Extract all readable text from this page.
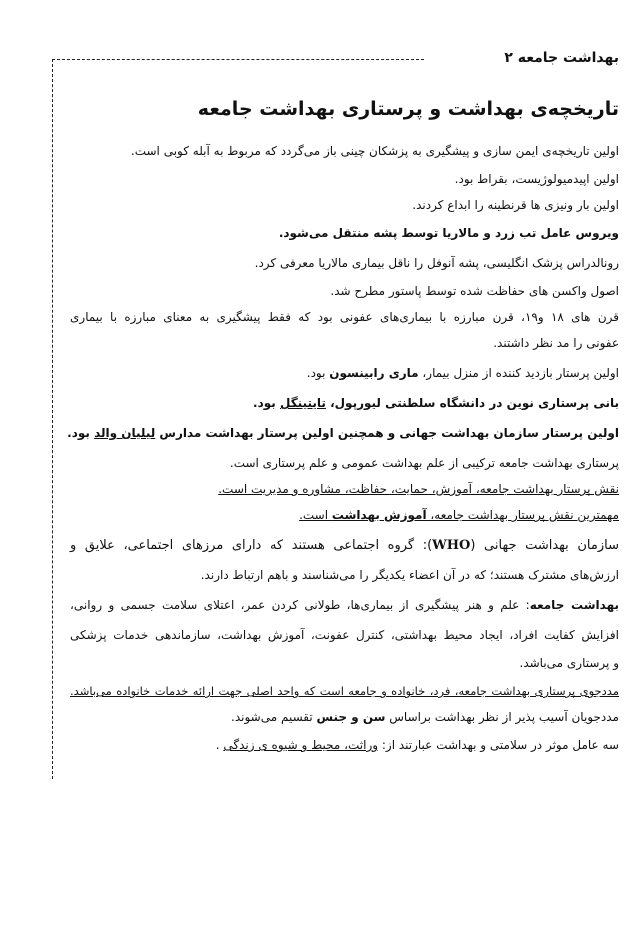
بهداشت جامعه ۲
تاریخچه‌ی بهداشت و پرستاری بهداشت جامعه
اولین تاریخچه‌ی ایمن سازی و پیشگیری به پزشکان چینی باز می‌گردد که مربوط به آبله کوبی است.
اولین اپیدمیولوژیست، بقراط بود.
اولین بار ونیزی ها قرنطینه را ابداع کردند.
ویروس عامل تب زرد و مالاریا توسط پشه منتقل می‌شود.
رونالدراس پزشک انگلیسی، پشه آنوفل را ناقل بیماری مالاریا معرفی کرد.
اصول واکسن های حفاظت شده توسط پاستور مطرح شد.
قرن های ۱۸ و۱۹، قرن مبارزه با بیماری‌های عفونی بود که فقط پیشگیری به معنای مبارزه با بیماری
عفونی را مد نظر داشتند.
اولین پرستار بازدید کننده از منزل بیمار، ماری رابینسون بود.
بانی پرستاری نوین در دانشگاه سلطنتی لیورپول، تایتینگل بود.
اولین پرستار سازمان بهداشت جهانی و همچنین اولین پرستار بهداشت مدارس لیلیان والد بود.
پرستاری بهداشت جامعه ترکیبی از علم بهداشت عمومی و علم پرستاری است.
نقش پرستار بهداشت جامعه، آموزش، حمایت، حفاظت، مشاوره و مدیریت است.
مهمترین نقش پرستار بهداشت جامعه، آموزش بهداشت است.
سازمان بهداشت جهانی (WHO): گروه اجتماعی هستند که دارای مرزهای اجتماعی، علایق و
ارزش‌های مشترک هستند؛ که در آن اعضاء یکدیگر را می‌شناسند و باهم ارتباط دارند.
بهداشت جامعه: علم و هنر پیشگیری از بیماری‌ها، طولانی کردن عمر، اعتلای سلامت جسمی و روانی،
افزایش کفایت افراد، ایجاد محیط بهداشتی، کنترل عفونت، آموزش بهداشت، سازماندهی خدمات پزشکی
و پرستاری می‌باشد.
مددجوی پرستاری بهداشت جامعه، فرد، خانواده و جامعه است که واحد اصلی جهت ارائه خدمات خانواده می‌باشد.
مددجویان آسیب پذیر از نظر بهداشت براساس سن و جنس تقسیم می‌شوند.
سه عامل موثر در سلامتی و بهداشت عبارتند از: وراثت، محیط و شیوه ی زندگی .
